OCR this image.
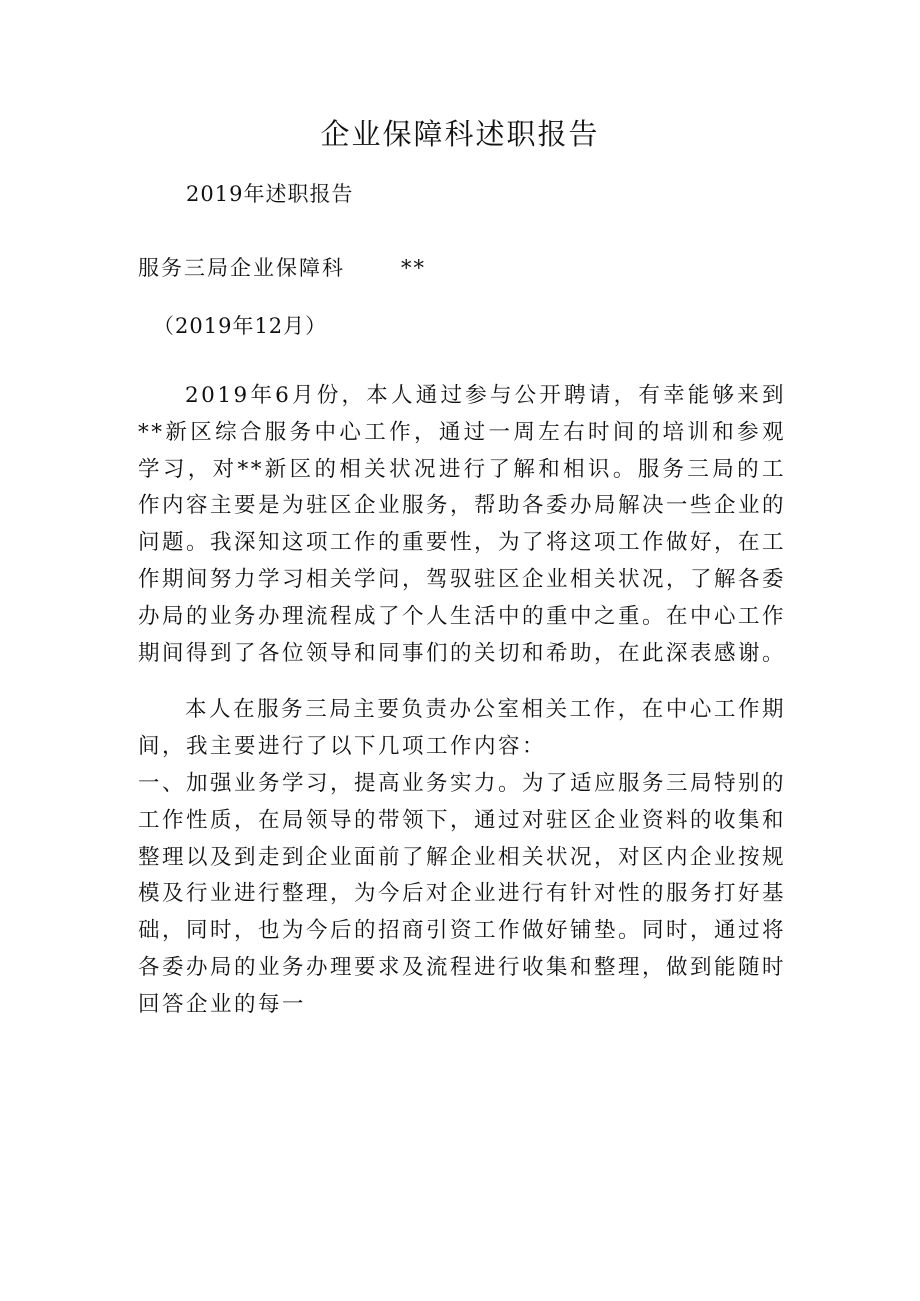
企业保障科述职报告
2019年述职报告
服务三局企业保障科	**
（2019年12月）

2019年6月份，本人通过参与公开聘请，有幸能够来到**新区综合服务中心工作，通过一周左右时间的培训和参观学习，对**新区的相关状况进行了解和相识。服务三局的工作内容主要是为驻区企业服务，帮助各委办局解决一些企业的问题。我深知这项工作的重要性，为了将这项工作做好，在工作期间努力学习相关学问，驾驭驻区企业相关状况，了解各委办局的业务办理流程成了个人生活中的重中之重。在中心工作期间得到了各位领导和同事们的关切和希助，在此深表感谢。

本人在服务三局主要负责办公室相关工作，在中心工作期间，我主要进行了以下几项工作内容：

一、加强业务学习，提高业务实力。为了适应服务三局特别的工作性质，在局领导的带领下，通过对驻区企业资料的收集和整理以及到走到企业面前了解企业相关状况，对区内企业按规模及行业进行整理，为今后对企业进行有针对性的服务打好基础，同时，也为今后的招商引资工作做好铺垫。同时，通过将各委办局的业务办理要求及流程进行收集和整理，做到能随时回答企业的每一
